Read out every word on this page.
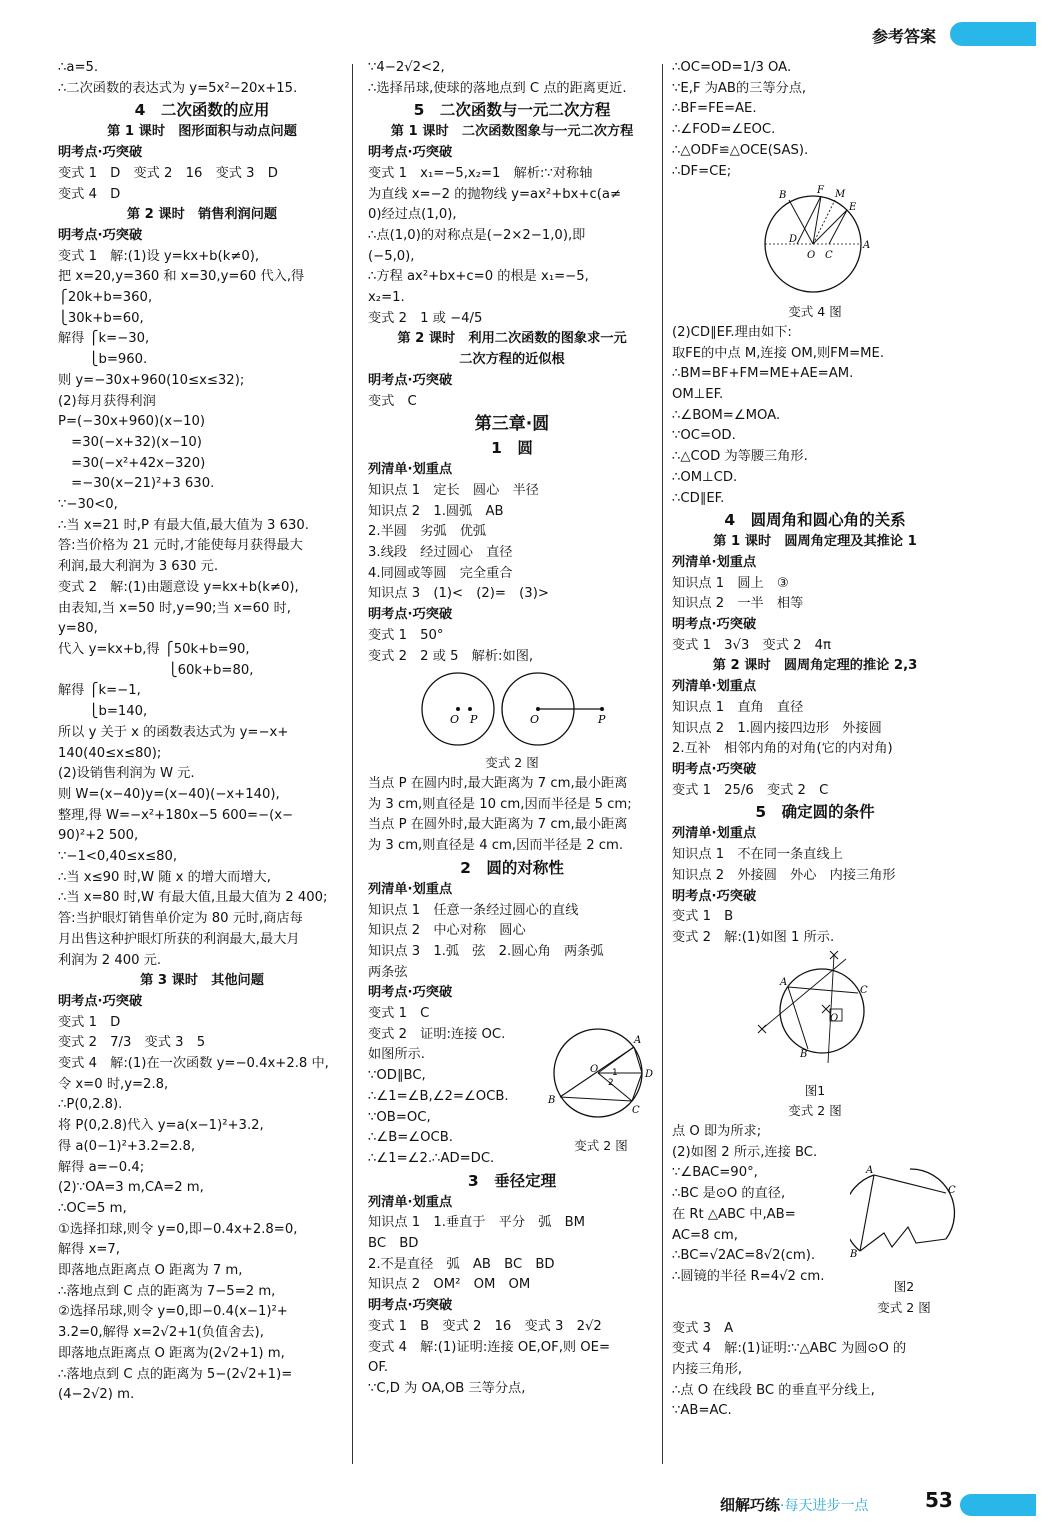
参考答案
∴a=5.
∴二次函数的表达式为 y=5x²−20x+15.
4　二次函数的应用
第 1 课时　图形面积与动点问题
明考点·巧突破
变式 1　D　变式 2　16　变式 3　D
变式 4　D
第 2 课时　销售利润问题
明考点·巧突破
变式 1　解:(1)设 y=kx+b(k≠0),
把 x=20,y=360 和 x=30,y=60 代入,得
⎧20k+b=360,
⎩30k+b=60,
解得 ⎧k=−30,
　　 ⎩b=960.
则 y=−30x+960(10≤x≤32);
(2)每月获得利润
P=(−30x+960)(x−10)
　=30(−x+32)(x−10)
　=30(−x²+42x−320)
　=−30(x−21)²+3 630.
∵−30<0,
∴当 x=21 时,P 有最大值,最大值为 3 630.
答:当价格为 21 元时,才能使每月获得最大
利润,最大利润为 3 630 元.
变式 2　解:(1)由题意设 y=kx+b(k≠0),
由表知,当 x=50 时,y=90;当 x=60 时,
y=80,
代入 y=kx+b,得 ⎧50k+b=90,
　　　　　　　　 ⎩60k+b=80,
解得 ⎧k=−1,
　　 ⎩b=140,
所以 y 关于 x 的函数表达式为 y=−x+
140(40≤x≤80);
(2)设销售利润为 W 元.
则 W=(x−40)y=(x−40)(−x+140),
整理,得 W=−x²+180x−5 600=−(x−
90)²+2 500,
∵−1<0,40≤x≤80,
∴当 x≤90 时,W 随 x 的增大而增大,
∴当 x=80 时,W 有最大值,且最大值为 2 400;
答:当护眼灯销售单价定为 80 元时,商店每
月出售这种护眼灯所获的利润最大,最大月
利润为 2 400 元.
第 3 课时　其他问题
明考点·巧突破
变式 1　D
变式 2　7/3　变式 3　5
变式 4　解:(1)在一次函数 y=−0.4x+2.8 中,
令 x=0 时,y=2.8,
∴P(0,2.8).
将 P(0,2.8)代入 y=a(x−1)²+3.2,
得 a(0−1)²+3.2=2.8,
解得 a=−0.4;
(2)∵OA=3 m,CA=2 m,
∴OC=5 m,
①选择扣球,则令 y=0,即−0.4x+2.8=0,
解得 x=7,
即落地点距离点 O 距离为 7 m,
∴落地点到 C 点的距离为 7−5=2 m,
②选择吊球,则令 y=0,即−0.4(x−1)²+
3.2=0,解得 x=2√2+1(负值舍去),
即落地点距离点 O 距离为(2√2+1) m,
∴落地点到 C 点的距离为 5−(2√2+1)=
(4−2√2) m.
∵4−2√2<2,
∴选择吊球,使球的落地点到 C 点的距离更近.
5　二次函数与一元二次方程
第 1 课时　二次函数图象与一元二次方程
明考点·巧突破
变式 1　x₁=−5,x₂=1　解析:∵对称轴
为直线 x=−2 的抛物线 y=ax²+bx+c(a≠
0)经过点(1,0),
∴点(1,0)的对称点是(−2×2−1,0),即
(−5,0),
∴方程 ax²+bx+c=0 的根是 x₁=−5,
x₂=1.
变式 2　1 或 −4/5
第 2 课时　利用二次函数的图象求一元
二次方程的近似根
明考点·巧突破
变式　C
第三章·圆
1　圆
列清单·划重点
知识点 1　定长　圆心　半径
知识点 2　1.圆弧　AB
2.半圆　劣弧　优弧
3.线段　经过圆心　直径
4.同圆或等圆　完全重合
知识点 3　(1)<　(2)=　(3)>
明考点·巧突破
变式 1　50°
变式 2　2 或 5　解析:如图,
O P	O	P
变式 2 图
当点 P 在圆内时,最大距离为 7 cm,最小距离
为 3 cm,则直径是 10 cm,因而半径是 5 cm;
当点 P 在圆外时,最大距离为 7 cm,最小距离
为 3 cm,则直径是 4 cm,因而半径是 2 cm.
2　圆的对称性
列清单·划重点
知识点 1　任意一条经过圆心的直线
知识点 2　中心对称　圆心
知识点 3　1.弧　弦　2.圆心角　两条弧
两条弦
明考点·巧突破
变式 1　C
O
A
D
C
B
1
2
变式 2 图
变式 2　证明:连接 OC.
如图所示.
∵OD∥BC,
∴∠1=∠B,∠2=∠OCB.
∵OB=OC,
∴∠B=∠OCB.
∴∠1=∠2.∴AD=DC.
3　垂径定理
列清单·划重点
知识点 1　1.垂直于　平分　弧　BM
BC　BD
2.不是直径　弧　AB　BC　BD
知识点 2　OM²　OM　OM
明考点·巧突破
变式 1　B　变式 2　16　变式 3　2√2
变式 4　解:(1)证明:连接 OE,OF,则 OE=
OF.
∵C,D 为 OA,OB 三等分点,
∴OC=OD=1/3 OA.
∵E,F 为AB的三等分点,
∴BF=FE=AE.
∴∠FOD=∠EOC.
∴△ODF≌△OCE(SAS).
∴DF=CE;
B	F M
E
A
D
O C
变式 4 图
(2)CD∥EF.理由如下:
取FE的中点 M,连接 OM,则FM=ME.
∴BM=BF+FM=ME+AE=AM.
OM⊥EF.
∴∠BOM=∠MOA.
∵OC=OD.
∴△COD 为等腰三角形.
∴OM⊥CD.
∴CD∥EF.
4　圆周角和圆心角的关系
第 1 课时　圆周角定理及其推论 1
列清单·划重点
知识点 1　圆上　③
知识点 2　一半　相等
明考点·巧突破
变式 1　3√3　变式 2　4π
第 2 课时　圆周角定理的推论 2,3
列清单·划重点
知识点 1　直角　直径
知识点 2　1.圆内接四边形　外接圆
2.互补　相邻内角的对角(它的内对角)
明考点·巧突破
变式 1　25/6　变式 2　C
5　确定圆的条件
列清单·划重点
知识点 1　不在同一条直线上
知识点 2　外接圆　外心　内接三角形
明考点·巧突破
变式 1　B
变式 2　解:(1)如图 1 所示.
A
C
B
O
图1
变式 2 图
点 O 即为所求;
(2)如图 2 所示,连接 BC.
A
C
B
图2
变式 2 图
∵∠BAC=90°,
∴BC 是⊙O 的直径,
在 Rt △ABC 中,AB=
AC=8 cm,
∴BC=√2AC=8√2(cm).
∴圆镜的半径 R=4√2 cm.
变式 3　A
变式 4　解:(1)证明:∵△ABC 为圆⊙O 的
内接三角形,
∴点 O 在线段 BC 的垂直平分线上,
∵AB=AC.
细解巧练·每天进步一点	53
